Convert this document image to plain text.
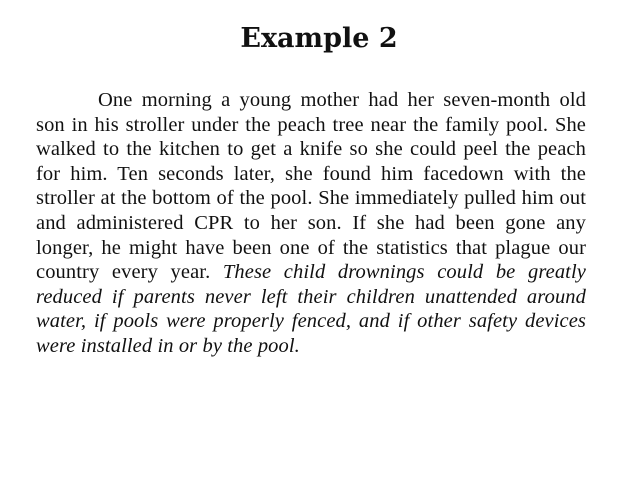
Example 2

One morning a young mother had her seven-month old son in his stroller under the peach tree near the family pool. She walked to the kitchen to get a knife so she could peel the peach for him. Ten seconds later, she found him facedown with the stroller at the bottom of the pool. She immediately pulled him out and administered CPR to her son. If she had been gone any longer, he might have been one of the statistics that plague our country every year. These child drownings could be greatly reduced if parents never left their children unattended around water, if pools were properly fenced, and if other safety devices were installed in or by the pool.
